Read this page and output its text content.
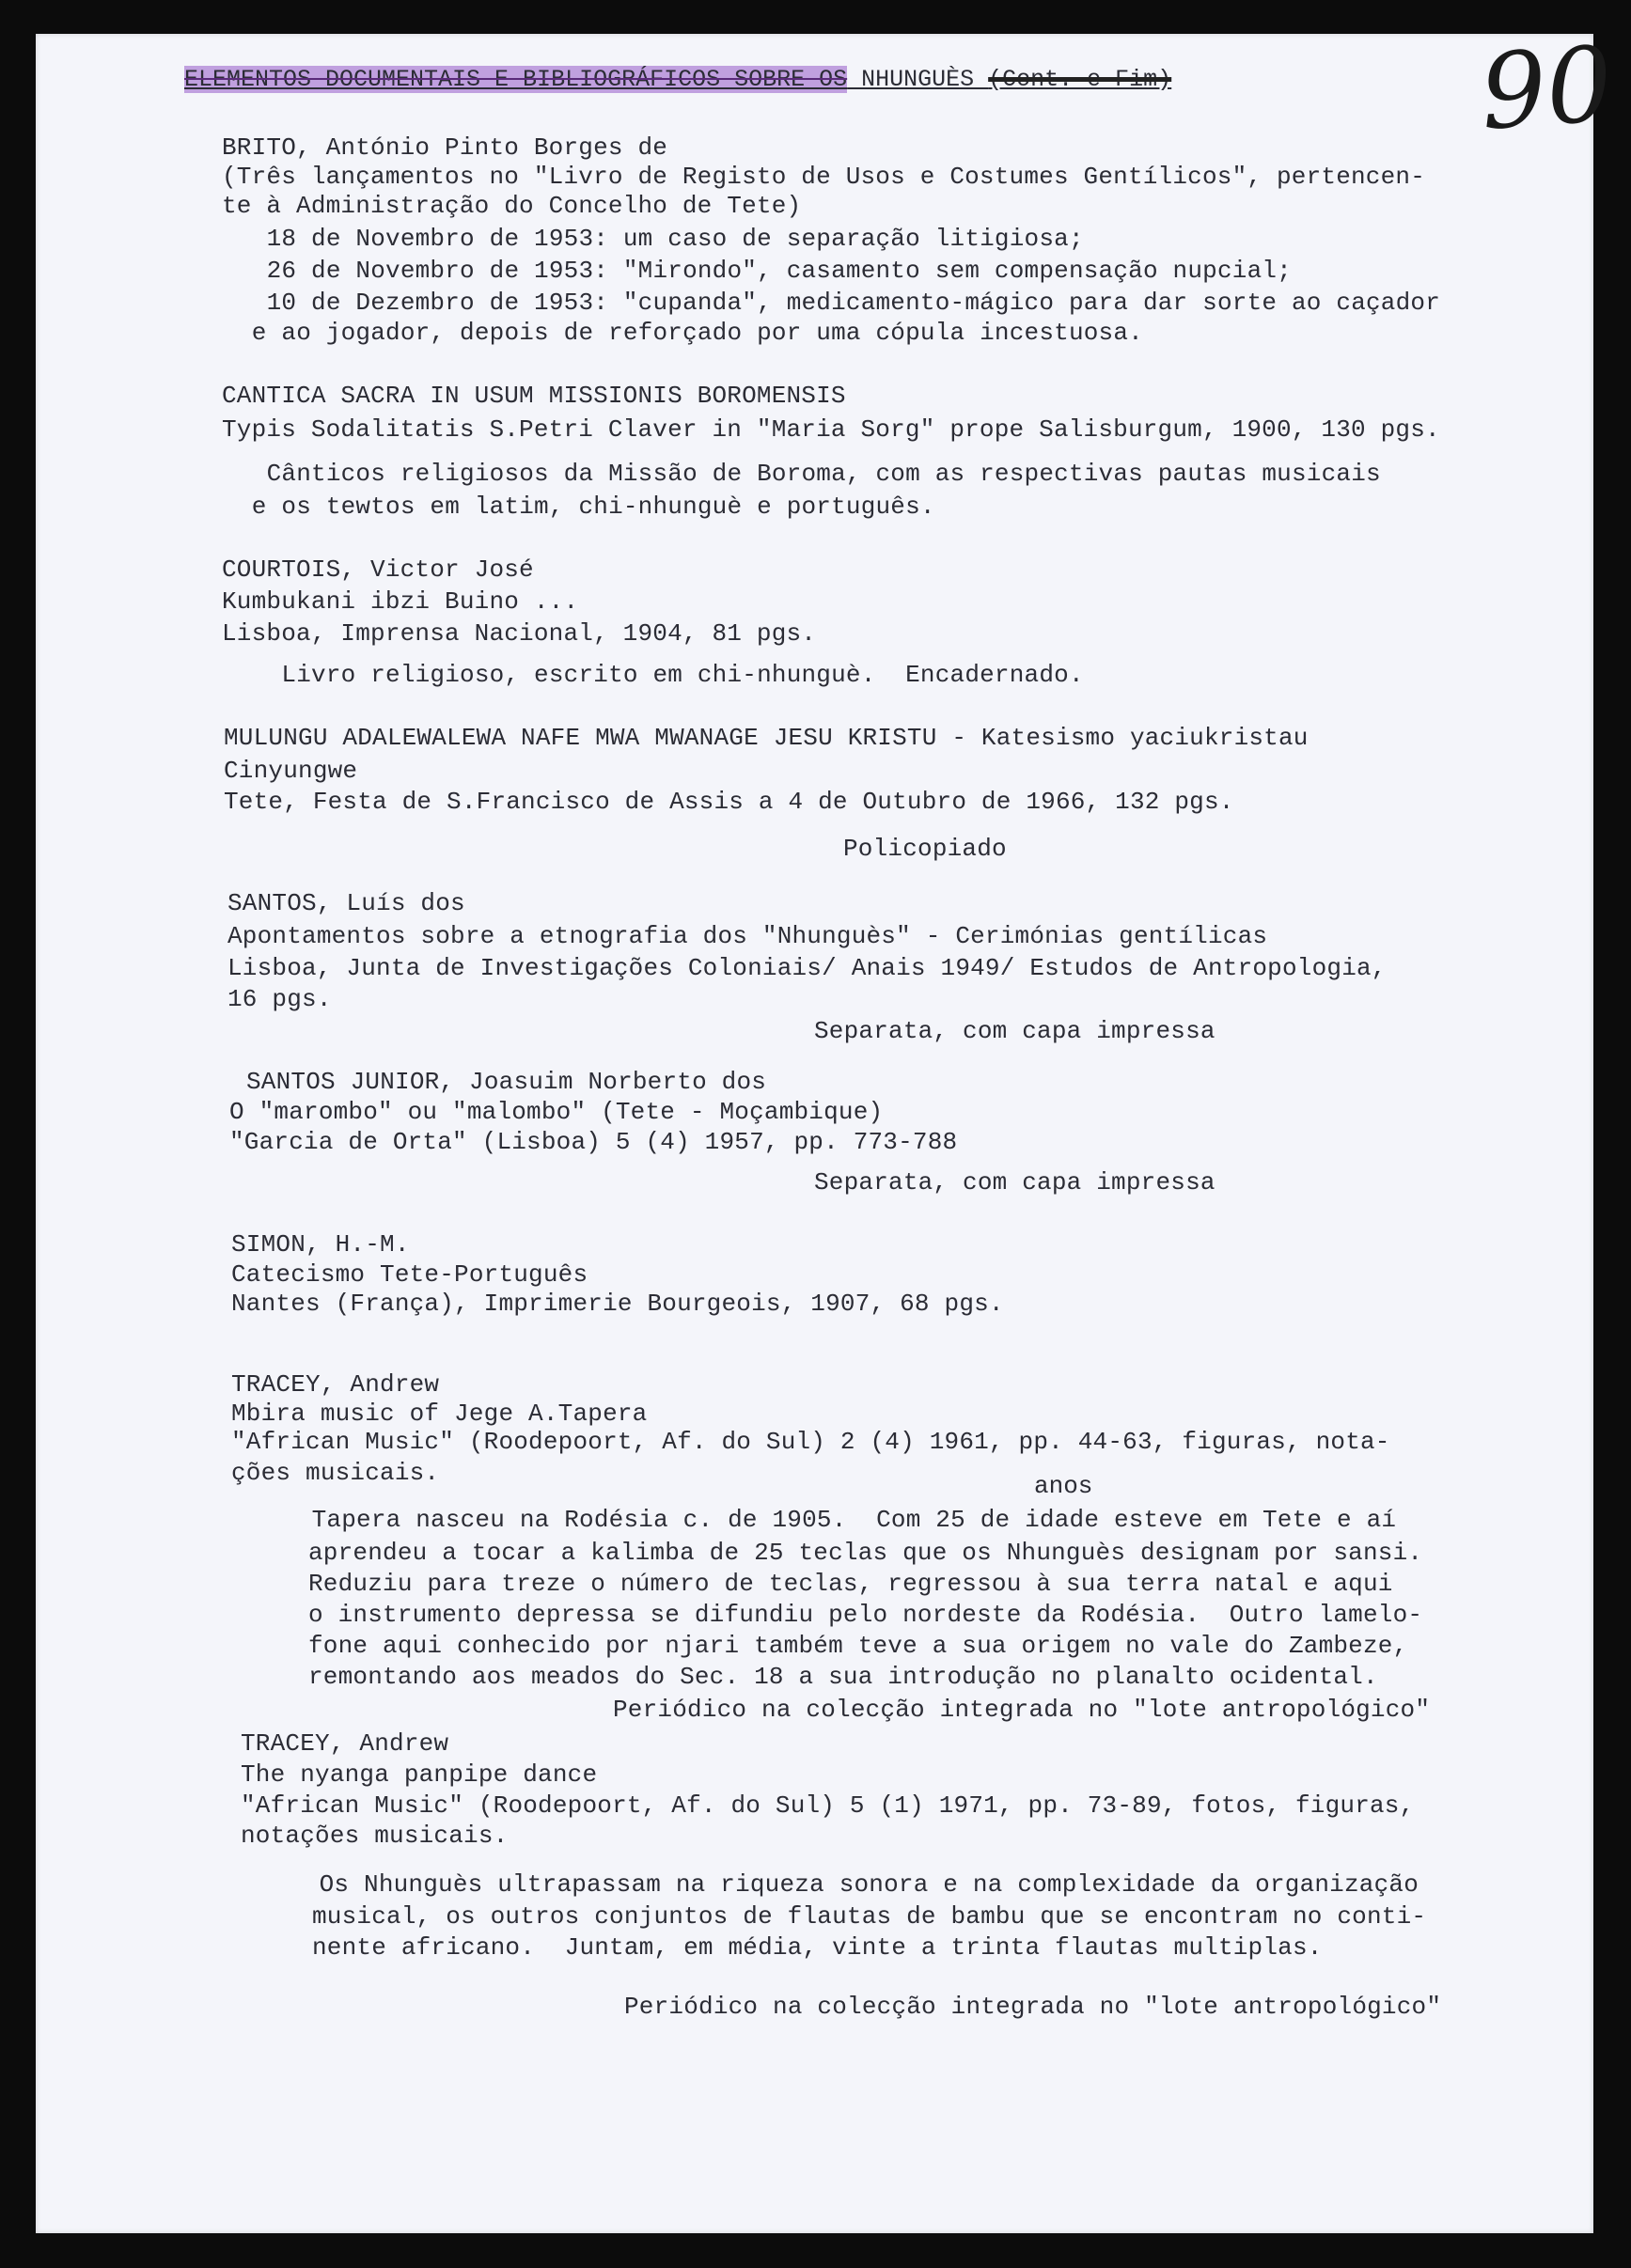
ELEMENTOS DOCUMENTAIS E BIBLIOGRÁFICOS SOBRE OS NHUNGUÈS (Cont. e Fim)	90
BRITO, António Pinto Borges de
(Três lançamentos no "Livro de Registo de Usos e Costumes Gentílicos", pertencen-
te à Administração do Concelho de Tete)
18 de Novembro de 1953: um caso de separação litigiosa;
26 de Novembro de 1953: "Mirondo", casamento sem compensação nupcial;
10 de Dezembro de 1953: "cupanda", medicamento-mágico para dar sorte ao caçador
e ao jogador, depois de reforçado por uma cópula incestuosa.
CANTICA SACRA IN USUM MISSIONIS BOROMENSIS
Typis Sodalitatis S.Petri Claver in "Maria Sorg" prope Salisburgum, 1900, 130 pgs.
Cânticos religiosos da Missão de Boroma, com as respectivas pautas musicais
e os tewtos em latim, chi-nhunguè e português.
COURTOIS, Victor José
Kumbukani ibzi Buino ...
Lisboa, Imprensa Nacional, 1904, 81 pgs.
Livro religioso, escrito em chi-nhunguè.  Encadernado.
MULUNGU ADALEWALEWA NAFE MWA MWANAGE JESU KRISTU - Katesismo yaciukristau
Cinyungwe
Tete, Festa de S.Francisco de Assis a 4 de Outubro de 1966, 132 pgs.
Policopiado
SANTOS, Luís dos
Apontamentos sobre a etnografia dos "Nhunguès" - Cerimónias gentílicas
Lisboa, Junta de Investigações Coloniais/ Anais 1949/ Estudos de Antropologia,
16 pgs.
Separata, com capa impressa
SANTOS JUNIOR, Joasuim Norberto dos
O "marombo" ou "malombo" (Tete - Moçambique)
"Garcia de Orta" (Lisboa) 5 (4) 1957, pp. 773-788
Separata, com capa impressa
SIMON, H.-M.
Catecismo Tete-Português
Nantes (França), Imprimerie Bourgeois, 1907, 68 pgs.
TRACEY, Andrew
Mbira music of Jege A.Tapera
"African Music" (Roodepoort, Af. do Sul) 2 (4) 1961, pp. 44-63, figuras, nota-
ções musicais.	anos
Tapera nasceu na Rodésia c. de 1905.  Com 25 de idade esteve em Tete e aí
aprendeu a tocar a kalimba de 25 teclas que os Nhunguès designam por sansi.
Reduziu para treze o número de teclas, regressou à sua terra natal e aqui
o instrumento depressa se difundiu pelo nordeste da Rodésia.  Outro lamelo-
fone aqui conhecido por njari também teve a sua origem no vale do Zambeze,
remontando aos meados do Sec. 18 a sua introdução no planalto ocidental.
Periódico na colecção integrada no "lote antropológico"
TRACEY, Andrew
The nyanga panpipe dance
"African Music" (Roodepoort, Af. do Sul) 5 (1) 1971, pp. 73-89, fotos, figuras,
notações musicais.
Os Nhunguès ultrapassam na riqueza sonora e na complexidade da organização
musical, os outros conjuntos de flautas de bambu que se encontram no conti-
nente africano.  Juntam, em média, vinte a trinta flautas multiplas.
Periódico na colecção integrada no "lote antropológico"
